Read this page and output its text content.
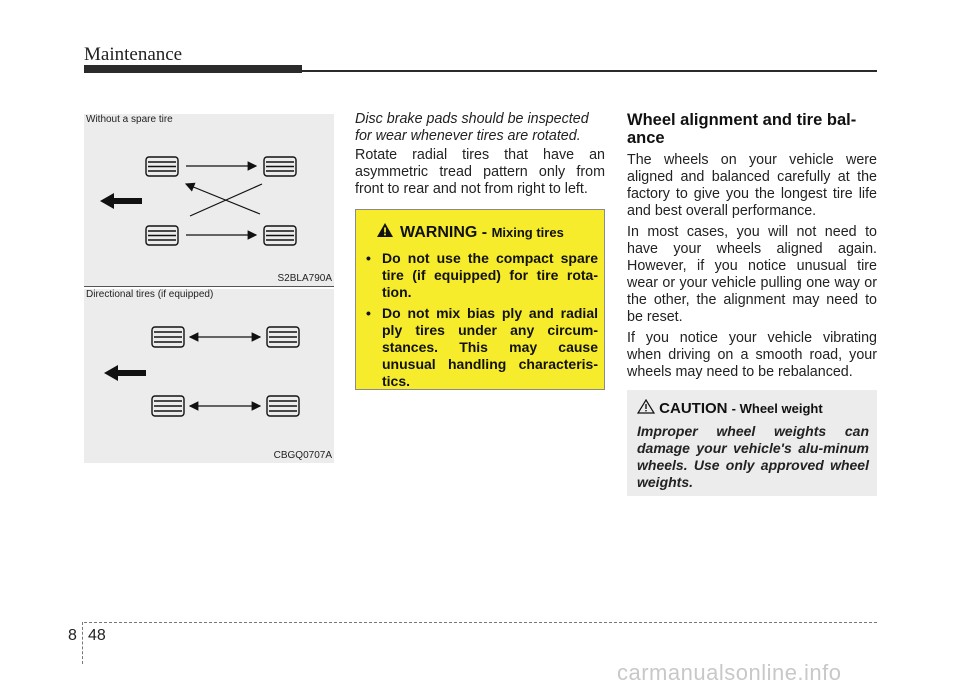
Maintenance
Without a spare tire
S2BLA790A
Directional tires (if equipped)
CBGQ0707A
Disc brake pads should be inspected for wear whenever tires are rotated.
Rotate radial tires that have an asymmetric tread pattern only from front to rear and not from right to left.
WARNING - Mixing tires
• Do not use the compact spare tire (if equipped) for tire rota-tion.
• Do not mix bias ply and radial ply tires under any circum-stances. This may cause unusual handling characteris-tics.
Wheel alignment and tire bal-ance

The wheels on your vehicle were aligned and balanced carefully at the factory to give you the longest tire life and best overall performance.

In most cases, you will not need to have your wheels aligned again. However, if you notice unusual tire wear or your vehicle pulling one way or the other, the alignment may need to be reset.

If you notice your vehicle vibrating when driving on a smooth road, your wheels may need to be rebalanced.

CAUTION - Wheel weight
Improper wheel weights can damage your vehicle's alu-minum wheels. Use only approved wheel weights.
8 48
carmanualsonline.info
